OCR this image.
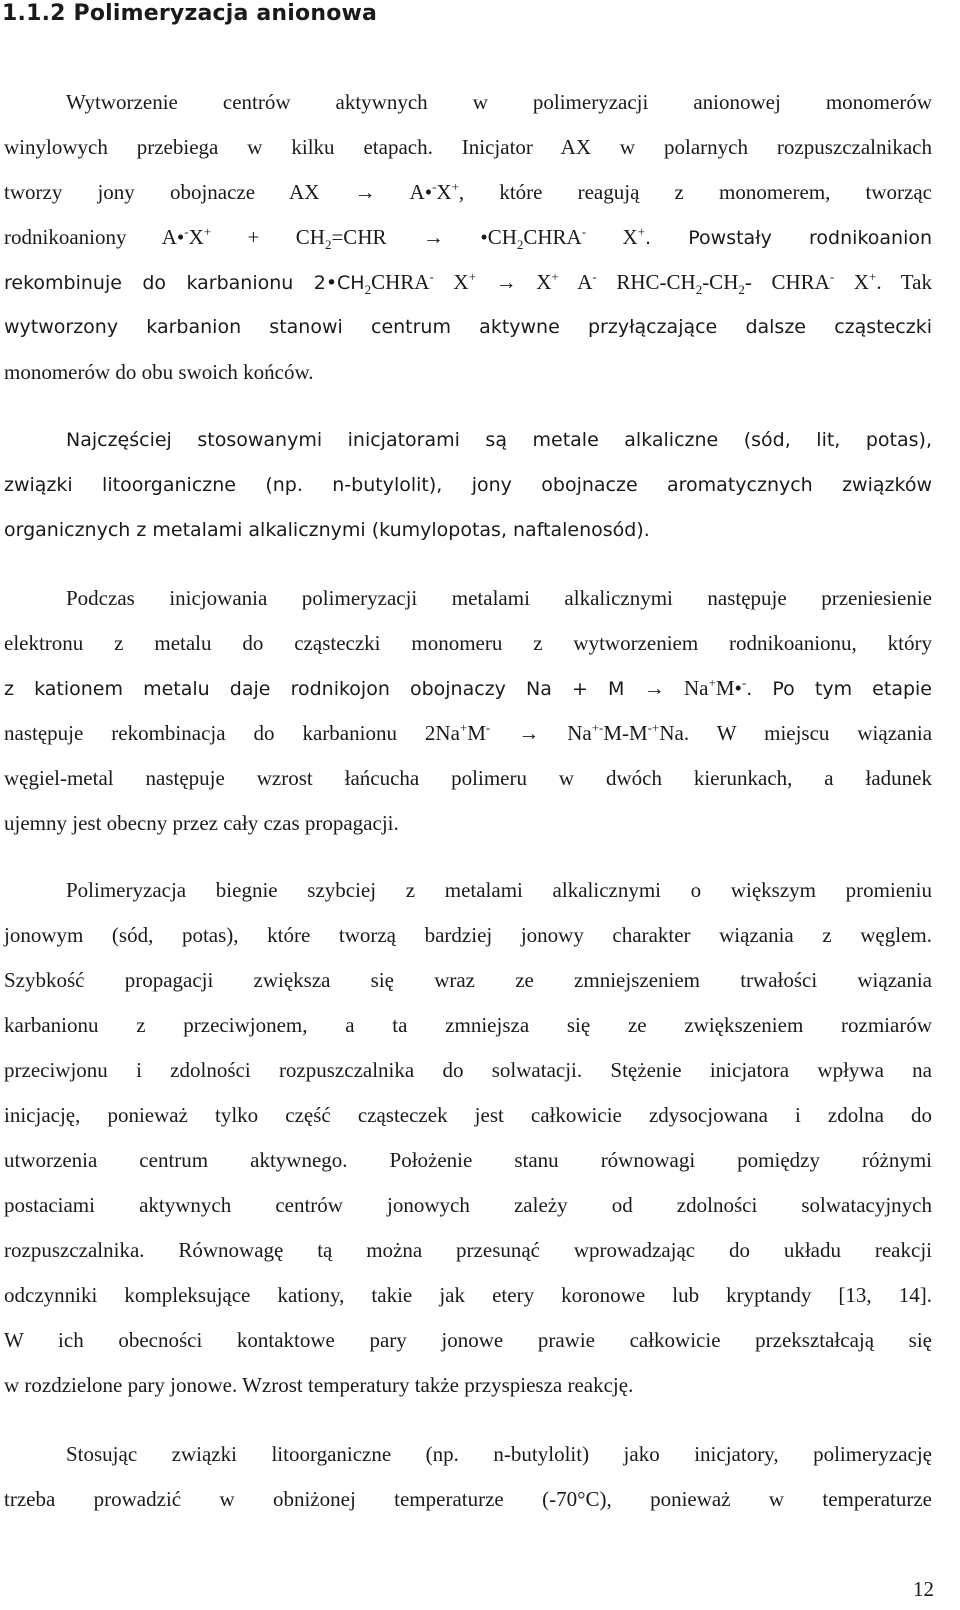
1.1.2 Polimeryzacja anionowa
Wytworzenie centrów aktywnych w polimeryzacji anionowej monomerów
winylowych przebiega w kilku etapach. Inicjator AX w polarnych rozpuszczalnikach
tworzy jony obojnacze AX → A•-X+, które reagują z monomerem, tworząc
rodnikoaniony A•-X+ + $CH_2=CHR$ → $•CH_2CHRA^-$ X+. Powstały rodnikoanion
rekombinuje do karbanionu $2•CH_2CHRA^-$ X+ → X+ A- RHC-$CH_2-CH_2-$ CHRA- X+. Tak
wytworzony karbanion stanowi centrum aktywne przyłączające dalsze cząsteczki
monomerów do obu swoich końców.
Najczęściej stosowanymi inicjatorami są metale alkaliczne (sód, lit, potas),
związki litoorganiczne (np. n-butylolit), jony obojnacze aromatycznych związków
organicznych z metalami alkalicznymi (kumylopotas, naftalenosód).
Podczas inicjowania polimeryzacji metalami alkalicznymi następuje przeniesienie
elektronu z metalu do cząsteczki monomeru z wytworzeniem rodnikoanionu, który
z kationem metalu daje rodnikojon obojnaczy Na + M → Na+M•-. Po tym etapie
następuje rekombinacja do karbanionu 2Na+M- → Na+-M-M-+Na. W miejscu wiązania
węgiel-metal następuje wzrost łańcucha polimeru w dwóch kierunkach, a ładunek
ujemny jest obecny przez cały czas propagacji.
Polimeryzacja biegnie szybciej z metalami alkalicznymi o większym promieniu
jonowym (sód, potas), które tworzą bardziej jonowy charakter wiązania z węglem.
Szybkość propagacji zwiększa się wraz ze zmniejszeniem trwałości wiązania
karbanionu z przeciwjonem, a ta zmniejsza się ze zwiększeniem rozmiarów
przeciwjonu i zdolności rozpuszczalnika do solwatacji. Stężenie inicjatora wpływa na
inicjację, ponieważ tylko część cząsteczek jest całkowicie zdysocjowana i zdolna do
utworzenia centrum aktywnego. Położenie stanu równowagi pomiędzy różnymi
postaciami aktywnych centrów jonowych zależy od zdolności solwatacyjnych
rozpuszczalnika. Równowagę tą można przesunąć wprowadzając do układu reakcji
odczynniki kompleksujące kationy, takie jak etery koronowe lub kryptandy [13, 14].
W ich obecności kontaktowe pary jonowe prawie całkowicie przekształcają się
w rozdzielone pary jonowe. Wzrost temperatury także przyspiesza reakcję.
Stosując związki litoorganiczne (np. n-butylolit) jako inicjatory, polimeryzację
trzeba prowadzić w obniżonej temperaturze (-70°C), ponieważ w temperaturze
12
